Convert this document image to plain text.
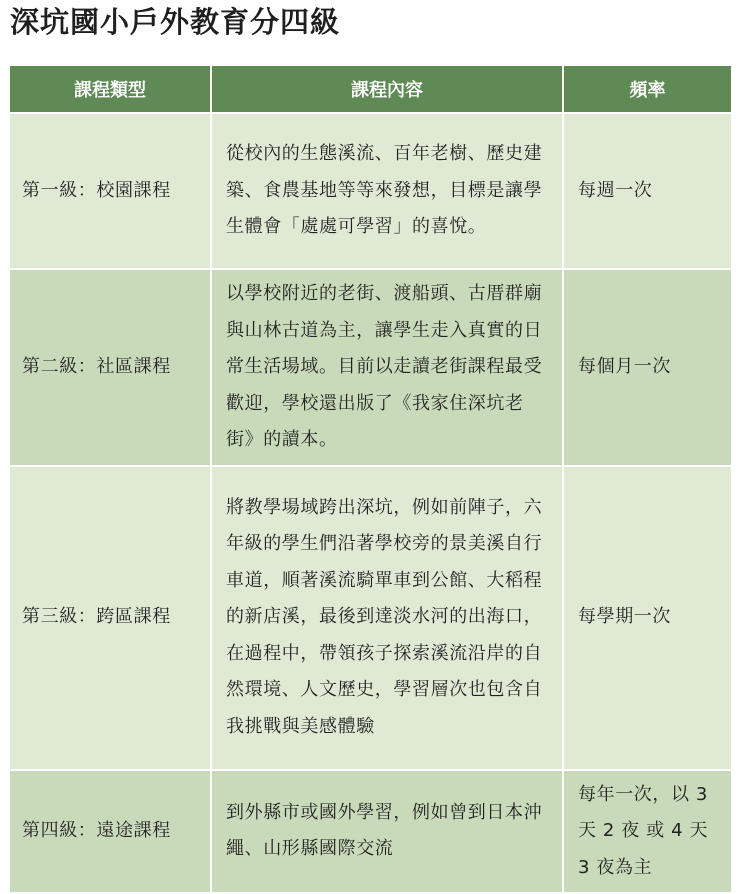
深坑國小戶外教育分四級
課程類型	課程內容	頻率
第一級：校園課程	從校內的生態溪流、百年老樹、歷史建築、食農基地等等來發想，目標是讓學生體會「處處可學習」的喜悅。	每週一次
第二級：社區課程	以學校附近的老街、渡船頭、古厝群廟與山林古道為主，讓學生走入真實的日常生活場域。目前以走讀老街課程最受歡迎，學校還出版了《我家住深坑老街》的讀本。	每個月一次
第三級：跨區課程	將教學場域跨出深坑，例如前陣子，六年級的學生們沿著學校旁的景美溪自行車道，順著溪流騎單車到公館、大稻程的新店溪，最後到達淡水河的出海口，在過程中，帶領孩子探索溪流沿岸的自然環境、人文歷史，學習層次也包含自我挑戰與美感體驗	每學期一次
第四級：遠途課程	到外縣市或國外學習，例如曾到日本沖繩、山形縣國際交流	每年一次，以 3 天 2 夜 或 4 天 3 夜為主
